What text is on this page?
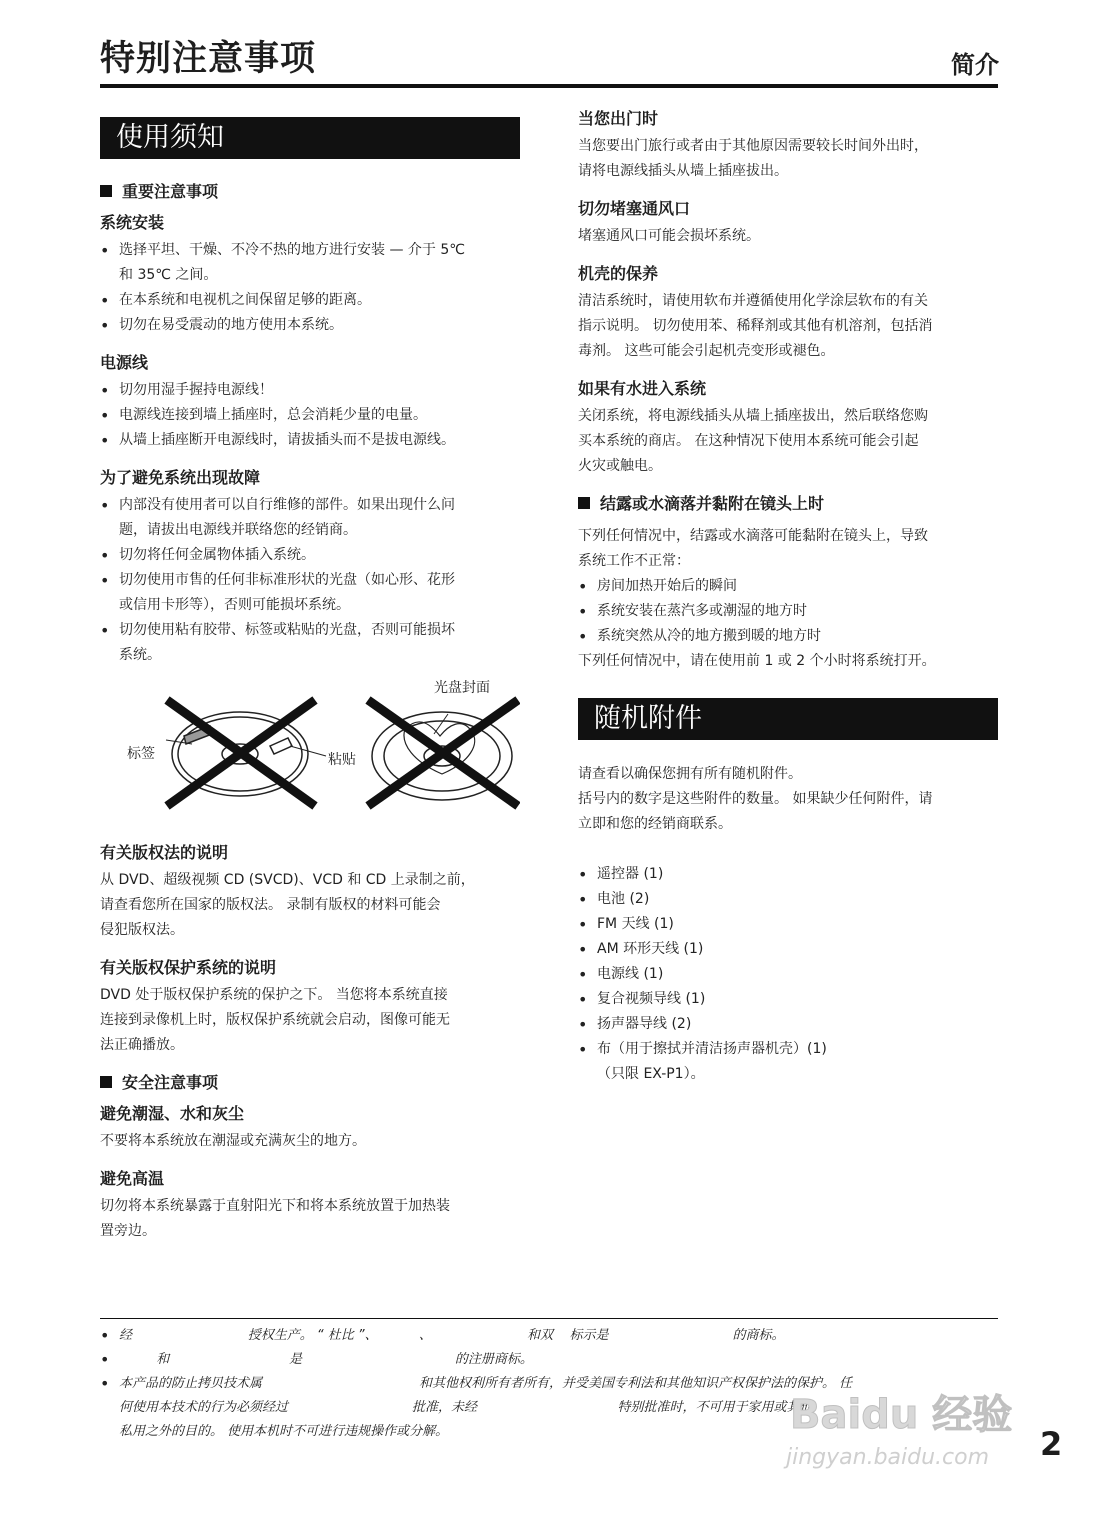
特别注意事项	简介
使用须知
重要注意事项
系统安装
• 选择平坦、干燥、不冷不热的地方进行安装 — 介于 5℃
和 35℃ 之间。
• 在本系统和电视机之间保留足够的距离。
• 切勿在易受震动的地方使用本系统。
电源线
• 切勿用湿手握持电源线！
• 电源线连接到墙上插座时，总会消耗少量的电量。
• 从墙上插座断开电源线时，请拔插头而不是拔电源线。
为了避免系统出现故障
• 内部没有使用者可以自行维修的部件。如果出现什么问
题，请拔出电源线并联络您的经销商。
• 切勿将任何金属物体插入系统。
• 切勿使用市售的任何非标准形状的光盘（如心形、花形
或信用卡形等），否则可能损坏系统。
• 切勿使用粘有胶带、标签或粘贴的光盘，否则可能损坏
系统。
光盘封面
标签	粘贴
有关版权法的说明

从 DVD、超级视频 CD (SVCD)、VCD 和 CD 上录制之前，

请查看您所在国家的版权法。 录制有版权的材料可能会

侵犯版权法。

有关版权保护系统的说明

DVD 处于版权保护系统的保护之下。 当您将本系统直接

连接到录像机上时，版权保护系统就会启动，图像可能无

法正确播放。

安全注意事项
避免潮湿、水和灰尘

不要将本系统放在潮湿或充满灰尘的地方。

避免高温

切勿将本系统暴露于直射阳光下和将本系统放置于加热装

置旁边。

当您出门时

当您要出门旅行或者由于其他原因需要较长时间外出时，

请将电源线插头从墙上插座拔出。

切勿堵塞通风口

堵塞通风口可能会损坏系统。

机壳的保养

清洁系统时，请使用软布并遵循使用化学涂层软布的有关

指示说明。 切勿使用苯、稀释剂或其他有机溶剂，包括消

毒剂。 这些可能会引起机壳变形或褪色。

如果有水进入系统

关闭系统，将电源线插头从墙上插座拔出，然后联络您购

买本系统的商店。 在这种情况下使用本系统可能会引起

火灾或触电。

结露或水滴落并黏附在镜头上时

下列任何情况中，结露或水滴落可能黏附在镜头上，导致

系统工作不正常：

• 房间加热开始后的瞬间
• 系统安装在蒸汽多或潮湿的地方时
• 系统突然从冷的地方搬到暖的地方时

下列任何情况中，请在使用前 1 或 2 个小时将系统打开。

随机附件

请查看以确保您拥有所有随机附件。

括号内的数字是这些附件的数量。 如果缺少任何附件，请

立即和您的经销商联系。

• 遥控器 (1)
• 电池 (2)
• FM 天线 (1)
• AM 环形天线 (1)
• 电源线 (1)
• 复合视频导线 (1)
• 扬声器导线 (2)
• 布（用于擦拭并清洁扬声器机壳）(1)
（只限 EX-P1）。
• 经                            授权生产。 “ 杜比 ”、          、                       和双    标示是                              的商标。
•          和                             是                                     的注册商标。
• 本产品的防止拷贝技术属                                      和其他权利所有者所有，并受美国专利法和其他知识产权保护法的保护。 任
何使用本技术的行为必须经过                              批准，未经                                  特别批准时，不可用于家用或其他
私用之外的目的。 使用本机时不可进行违规操作或分解。	Baidu 经验
jingyan.baidu.com 2
